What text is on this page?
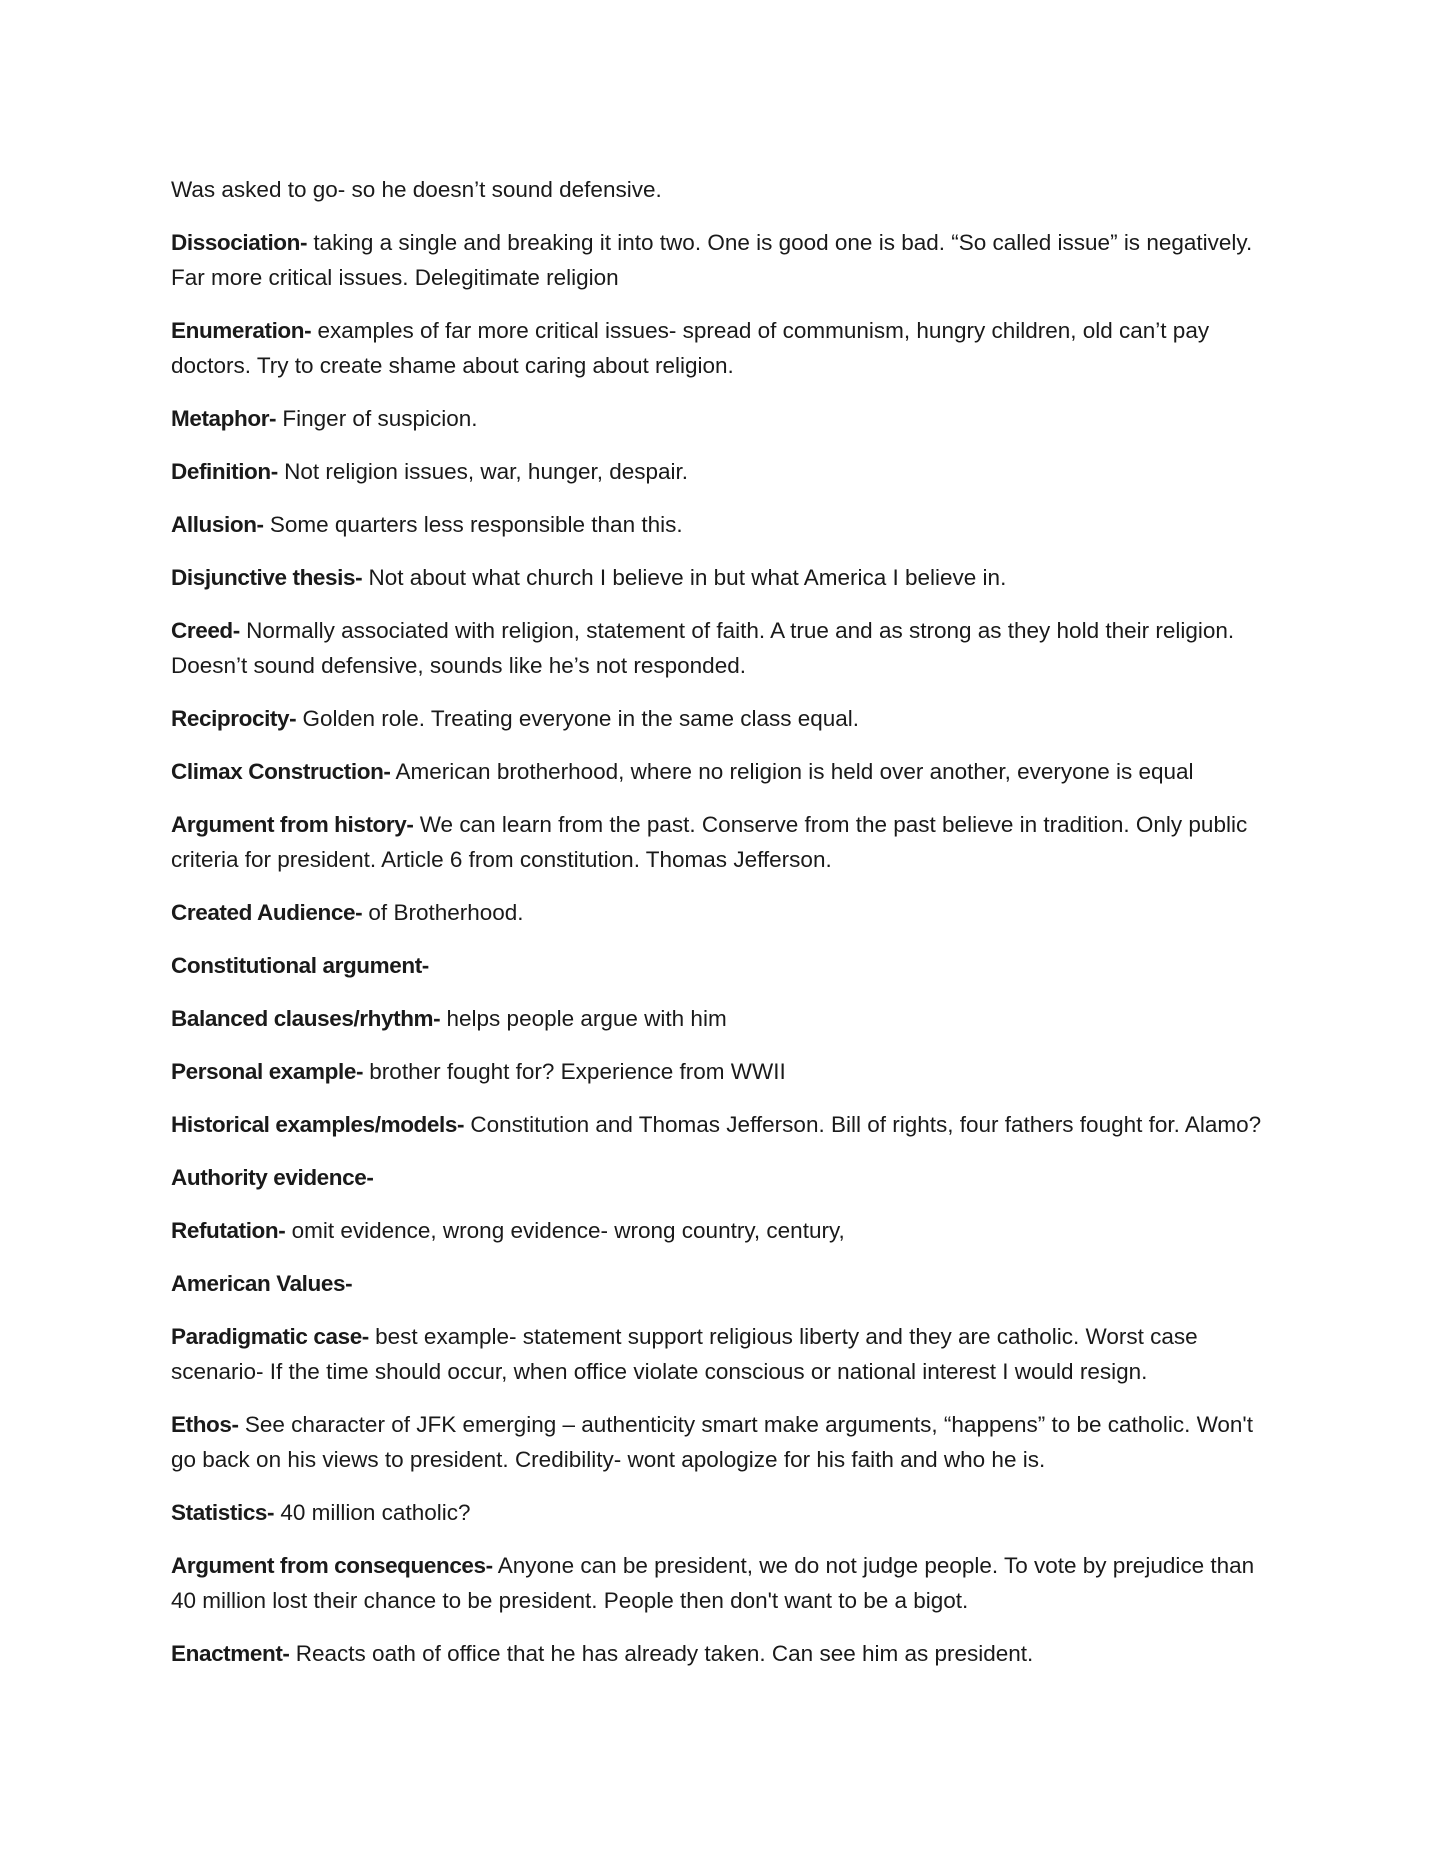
Was asked to go- so he doesn’t sound defensive.

Dissociation- taking a single and breaking it into two. One is good one is bad. “So called issue” is negatively. Far more critical issues. Delegitimate religion

Enumeration- examples of far more critical issues- spread of communism, hungry children, old can’t pay doctors. Try to create shame about caring about religion.

Metaphor- Finger of suspicion.

Definition- Not religion issues, war, hunger, despair.

Allusion- Some quarters less responsible than this.

Disjunctive thesis- Not about what church I believe in but what America I believe in.

Creed- Normally associated with religion, statement of faith. A true and as strong as they hold their religion. Doesn’t sound defensive, sounds like he’s not responded.

Reciprocity- Golden role. Treating everyone in the same class equal.

Climax Construction- American brotherhood, where no religion is held over another, everyone is equal

Argument from history- We can learn from the past. Conserve from the past believe in tradition. Only public criteria for president. Article 6 from constitution. Thomas Jefferson.

Created Audience- of Brotherhood.

Constitutional argument-

Balanced clauses/rhythm- helps people argue with him

Personal example- brother fought for? Experience from WWII

Historical examples/models- Constitution and Thomas Jefferson. Bill of rights, four fathers fought for. Alamo?

Authority evidence-

Refutation- omit evidence, wrong evidence- wrong country, century,

American Values-

Paradigmatic case- best example- statement support religious liberty and they are catholic. Worst case scenario- If the time should occur, when office violate conscious or national interest I would resign.

Ethos- See character of JFK emerging – authenticity smart make arguments, “happens” to be catholic. Won't go back on his views to president. Credibility- wont apologize for his faith and who he is.

Statistics- 40 million catholic?

Argument from consequences- Anyone can be president, we do not judge people. To vote by prejudice than 40 million lost their chance to be president. People then don't want to be a bigot.

Enactment- Reacts oath of office that he has already taken. Can see him as president.
